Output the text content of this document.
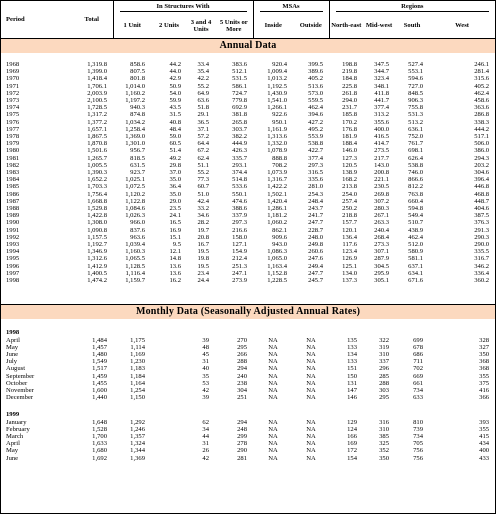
Period	Total	In Structures With				MSAs		Regions			

		1 Unit	2 Units	3 and 4 Units	5 Units or More	Inside	Outside	North-east	Mid-west	South	West
Annual Data											

1968	1,319.8	858.6	44.2	33.4	383.6	920.4	399.5	198.8	347.5	527.4	246.1
1969	1,399.0	807.5	44.0	35.4	512.1	1,009.4	389.6	219.8	344.7	553.1	281.4
1970	1,418.4	801.8	42.9	42.2	531.5	1,013.2	405.2	184.8	323.4	594.6	315.6
1971	1,706.1	1,014.0	50.9	55.2	586.1	1,192.5	513.6	225.8	348.1	727.0	405.2
1972	2,003.9	1,160.2	54.0	64.9	724.7	1,430.9	573.0	261.8	411.8	848.5	462.4
1973	2,100.5	1,197.2	59.9	63.6	779.8	1,541.0	559.5	294.0	441.7	906.3	458.6
1974	1,728.5	940.3	43.5	51.8	692.9	1,266.1	462.4	231.7	377.4	755.8	363.6
1975	1,317.2	874.8	31.5	29.1	381.8	922.6	394.6	185.8	313.2	531.3	286.8
1976	1,377.2	1,034.2	40.8	36.5	265.8	950.1	427.2	170.2	355.6	513.2	338.3
1977	1,657.1	1,258.4	48.4	37.1	303.7	1,161.9	495.2	176.8	400.0	636.1	444.2
1978	1,867.5	1,369.0	59.0	57.2	382.2	1,313.6	553.9	181.9	416.5	752.0	517.1
1979	1,870.8	1,301.0	60.5	64.4	444.9	1,332.0	538.8	188.4	414.7	761.7	506.0
1980	1,501.6	956.7	51.4	67.2	426.3	1,078.9	422.7	146.0	273.5	698.1	386.0
1981	1,265.7	818.5	49.2	62.4	335.7	888.8	377.4	127.3	217.7	626.4	294.3
1982	1,005.5	631.5	29.8	51.1	293.1	708.2	297.3	120.5	143.0	538.8	203.2
1983	1,390.3	923.7	37.0	55.2	374.4	1,073.9	316.5	138.9	200.8	746.0	304.6
1984	1,652.2	1,025.1	35.0	77.3	514.8	1,316.7	335.6	168.2	221.1	866.6	396.4
1985	1,703.3	1,072.5	36.4	60.7	533.6	1,422.2	281.0	213.8	230.5	812.2	446.8
1986	1,756.4	1,120.2	35.0	51.0	550.1	1,502.1	254.3	254.0	269.8	763.8	468.8
1987	1,668.8	1,122.8	29.0	42.4	474.6	1,420.4	248.4	257.4	307.2	660.4	448.7
1988	1,529.8	1,084.6	23.5	33.2	388.6	1,286.1	243.7	250.2	280.3	594.8	404.6
1989	1,422.8	1,026.3	24.1	34.6	337.9	1,181.2	241.7	218.8	267.1	549.4	387.5
1990	1,308.0	966.0	16.5	28.2	297.3	1,060.2	247.7	157.7	263.3	510.7	376.3
1991	1,090.8	837.6	16.9	19.7	216.6	862.1	228.7	120.1	240.4	438.9	291.3
1992	1,157.5	963.6	15.1	20.8	158.0	909.6	248.0	136.4	268.4	462.4	290.3
1993	1,192.7	1,039.4	9.5	16.7	127.1	943.0	249.8	117.6	273.3	512.0	290.0
1994	1,346.9	1,160.3	12.1	19.5	154.9	1,086.3	260.6	123.4	307.1	580.9	335.5
1995	1,312.6	1,065.5	14.8	19.8	212.4	1,065.0	247.6	126.9	287.9	581.1	316.7
1996	1,412.9	1,128.5	13.6	19.5	251.3	1,163.4	249.4	125.1	304.5	637.1	346.2
1997	1,400.5	1,116.4	13.6	23.4	247.1	1,152.8	247.7	134.0	295.9	634.1	336.4
1998	1,474.2	1,159.7	16.2	24.4	273.9	1,228.5	245.7	137.3	305.1	671.6	360.2

Monthly Data (Seasonally Adjusted Annual Rates)											

1998											
April	1,484	1,175	39		270	NA	NA	135	322	699	328
May	1,457	1,114	48		295	NA	NA	133	319	678	327
June	1,480	1,169	45		266	NA	NA	134	310	686	350
July	1,549	1,230	31		288	NA	NA	133	337	711	368
August	1,517	1,183	40		294	NA	NA	151	296	702	368
September	1,459	1,184	35		240	NA	NA	150	285	669	355
October	1,455	1,164	53		238	NA	NA	131	288	661	375
November	1,600	1,254	42		304	NA	NA	147	303	734	416
December	1,440	1,150	39		251	NA	NA	146	295	633	366

1999											
January	1,648	1,292	62		294	NA	NA	129	316	810	393
February	1,528	1,246	34		248	NA	NA	124	310	739	355
March	1,700	1,357	44		299	NA	NA	166	385	734	415
April	1,633	1,324	31		278	NA	NA	169	325	705	434
May	1,680	1,344	26		290	NA	NA	172	352	756	400
June	1,692	1,369	42		281	NA	NA	154	350	756	433
